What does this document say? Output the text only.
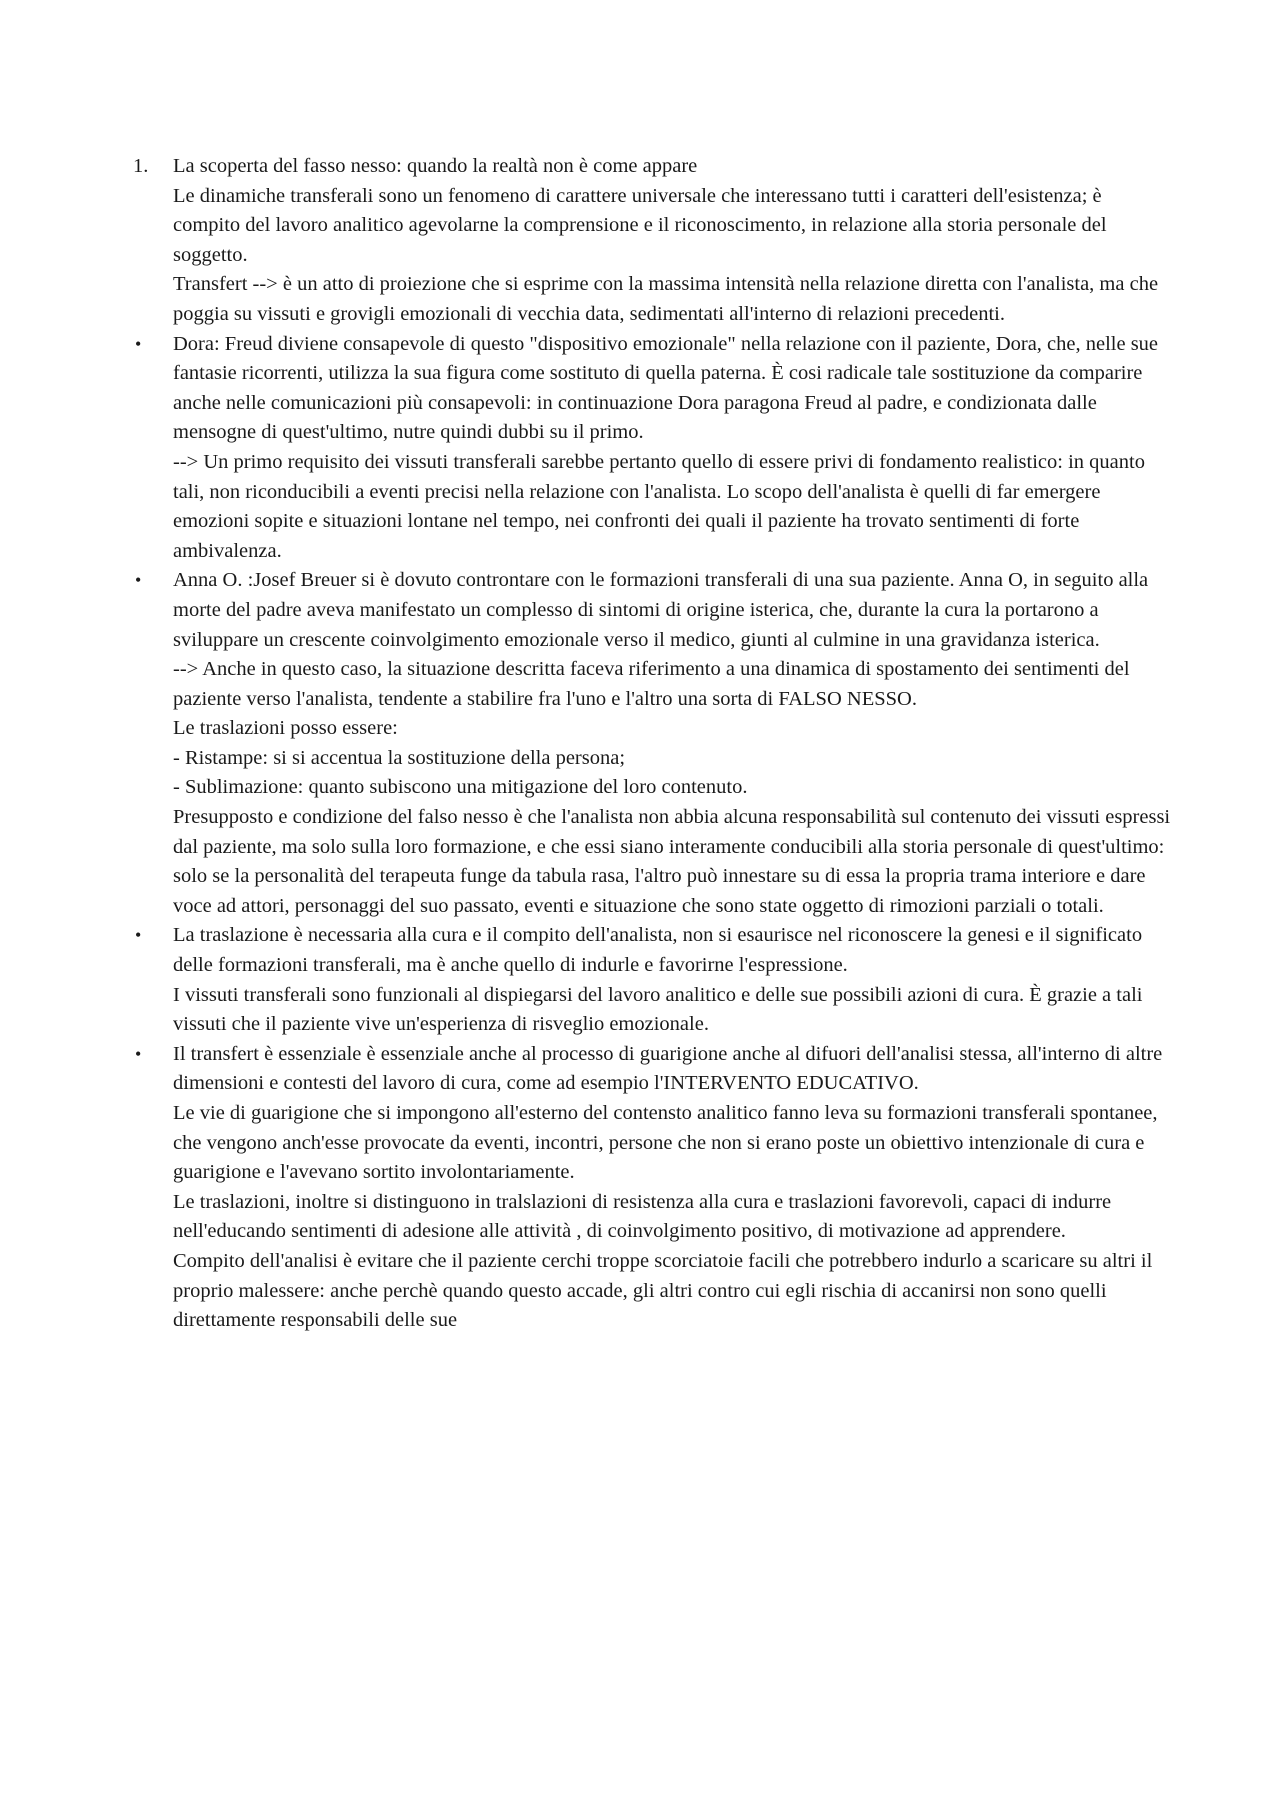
1.	La scoperta del fasso nesso: quando la realtà non è come appare

Le dinamiche transferali sono un fenomeno di carattere universale che interessano tutti i caratteri dell'esistenza; è compito del lavoro analitico agevolarne la comprensione e il riconoscimento, in relazione alla storia personale del soggetto.

Transfert --> è un atto di proiezione che si esprime con la massima intensità nella relazione diretta con l'analista, ma che poggia su vissuti e grovigli emozionali di vecchia data, sedimentati all'interno di relazioni precedenti.

•	Dora: Freud diviene consapevole di questo "dispositivo emozionale" nella relazione con il paziente, Dora, che, nelle sue fantasie ricorrenti, utilizza la sua figura come sostituto di quella paterna. È cosi radicale tale sostituzione da comparire anche nelle comunicazioni più consapevoli: in continuazione Dora paragona Freud al padre, e condizionata dalle mensogne di quest'ultimo, nutre quindi dubbi su il primo.

--> Un primo requisito dei vissuti transferali sarebbe pertanto quello di essere privi di fondamento realistico: in quanto tali, non riconducibili a eventi precisi nella relazione con l'analista. Lo scopo dell'analista è quelli di far emergere emozioni sopite e situazioni lontane nel tempo, nei confronti dei quali il paziente ha trovato sentimenti di forte ambivalenza.

•	Anna O. :Josef Breuer si è dovuto controntare con le formazioni transferali di una sua paziente. Anna O, in seguito alla morte del padre aveva manifestato un complesso di sintomi di origine isterica, che, durante la cura la portarono a sviluppare un crescente coinvolgimento emozionale verso il medico, giunti al culmine in una gravidanza isterica.

--> Anche in questo caso, la situazione descritta faceva riferimento a una dinamica di spostamento dei sentimenti del paziente verso l'analista, tendente a stabilire fra l'uno e l'altro una sorta di FALSO NESSO.

Le traslazioni posso essere:

- Ristampe: si si accentua la sostituzione della persona;

- Sublimazione: quanto subiscono una mitigazione del loro contenuto.

Presupposto e condizione del falso nesso è che l'analista non abbia alcuna responsabilità sul contenuto dei vissuti espressi dal paziente, ma solo sulla loro formazione, e che essi siano interamente conducibili alla storia personale di quest'ultimo: solo se la personalità del terapeuta funge da tabula rasa, l'altro può innestare su di essa la propria trama interiore e dare voce ad attori, personaggi del suo passato, eventi e situazione che sono state oggetto di rimozioni parziali o totali.

•	La traslazione è necessaria alla cura e il compito dell'analista, non si esaurisce nel riconoscere la genesi e il significato delle formazioni transferali, ma è anche quello di indurle e favorirne l'espressione.

I vissuti transferali sono funzionali al dispiegarsi del lavoro analitico e delle sue possibili azioni di cura. È grazie a tali vissuti che il paziente vive un'esperienza di risveglio emozionale.

•	Il transfert è essenziale è essenziale anche al processo di guarigione anche al difuori dell'analisi stessa, all'interno di altre dimensioni e contesti del lavoro di cura, come ad esempio l'INTERVENTO EDUCATIVO.

Le vie di guarigione che si impongono all'esterno del contensto analitico fanno leva su formazioni transferali spontanee, che vengono anch'esse provocate da eventi, incontri, persone che non si erano poste un obiettivo intenzionale di cura e guarigione e l'avevano sortito involontariamente.

Le traslazioni, inoltre si distinguono in tralslazioni di resistenza alla cura e traslazioni favorevoli, capaci di indurre nell'educando sentimenti di adesione alle attività , di coinvolgimento positivo, di motivazione ad apprendere.

Compito dell'analisi è evitare che il paziente cerchi troppe scorciatoie facili che potrebbero indurlo a scaricare su altri il proprio malessere: anche perchè quando questo accade, gli altri contro cui egli rischia di accanirsi non sono quelli direttamente responsabili delle sue
